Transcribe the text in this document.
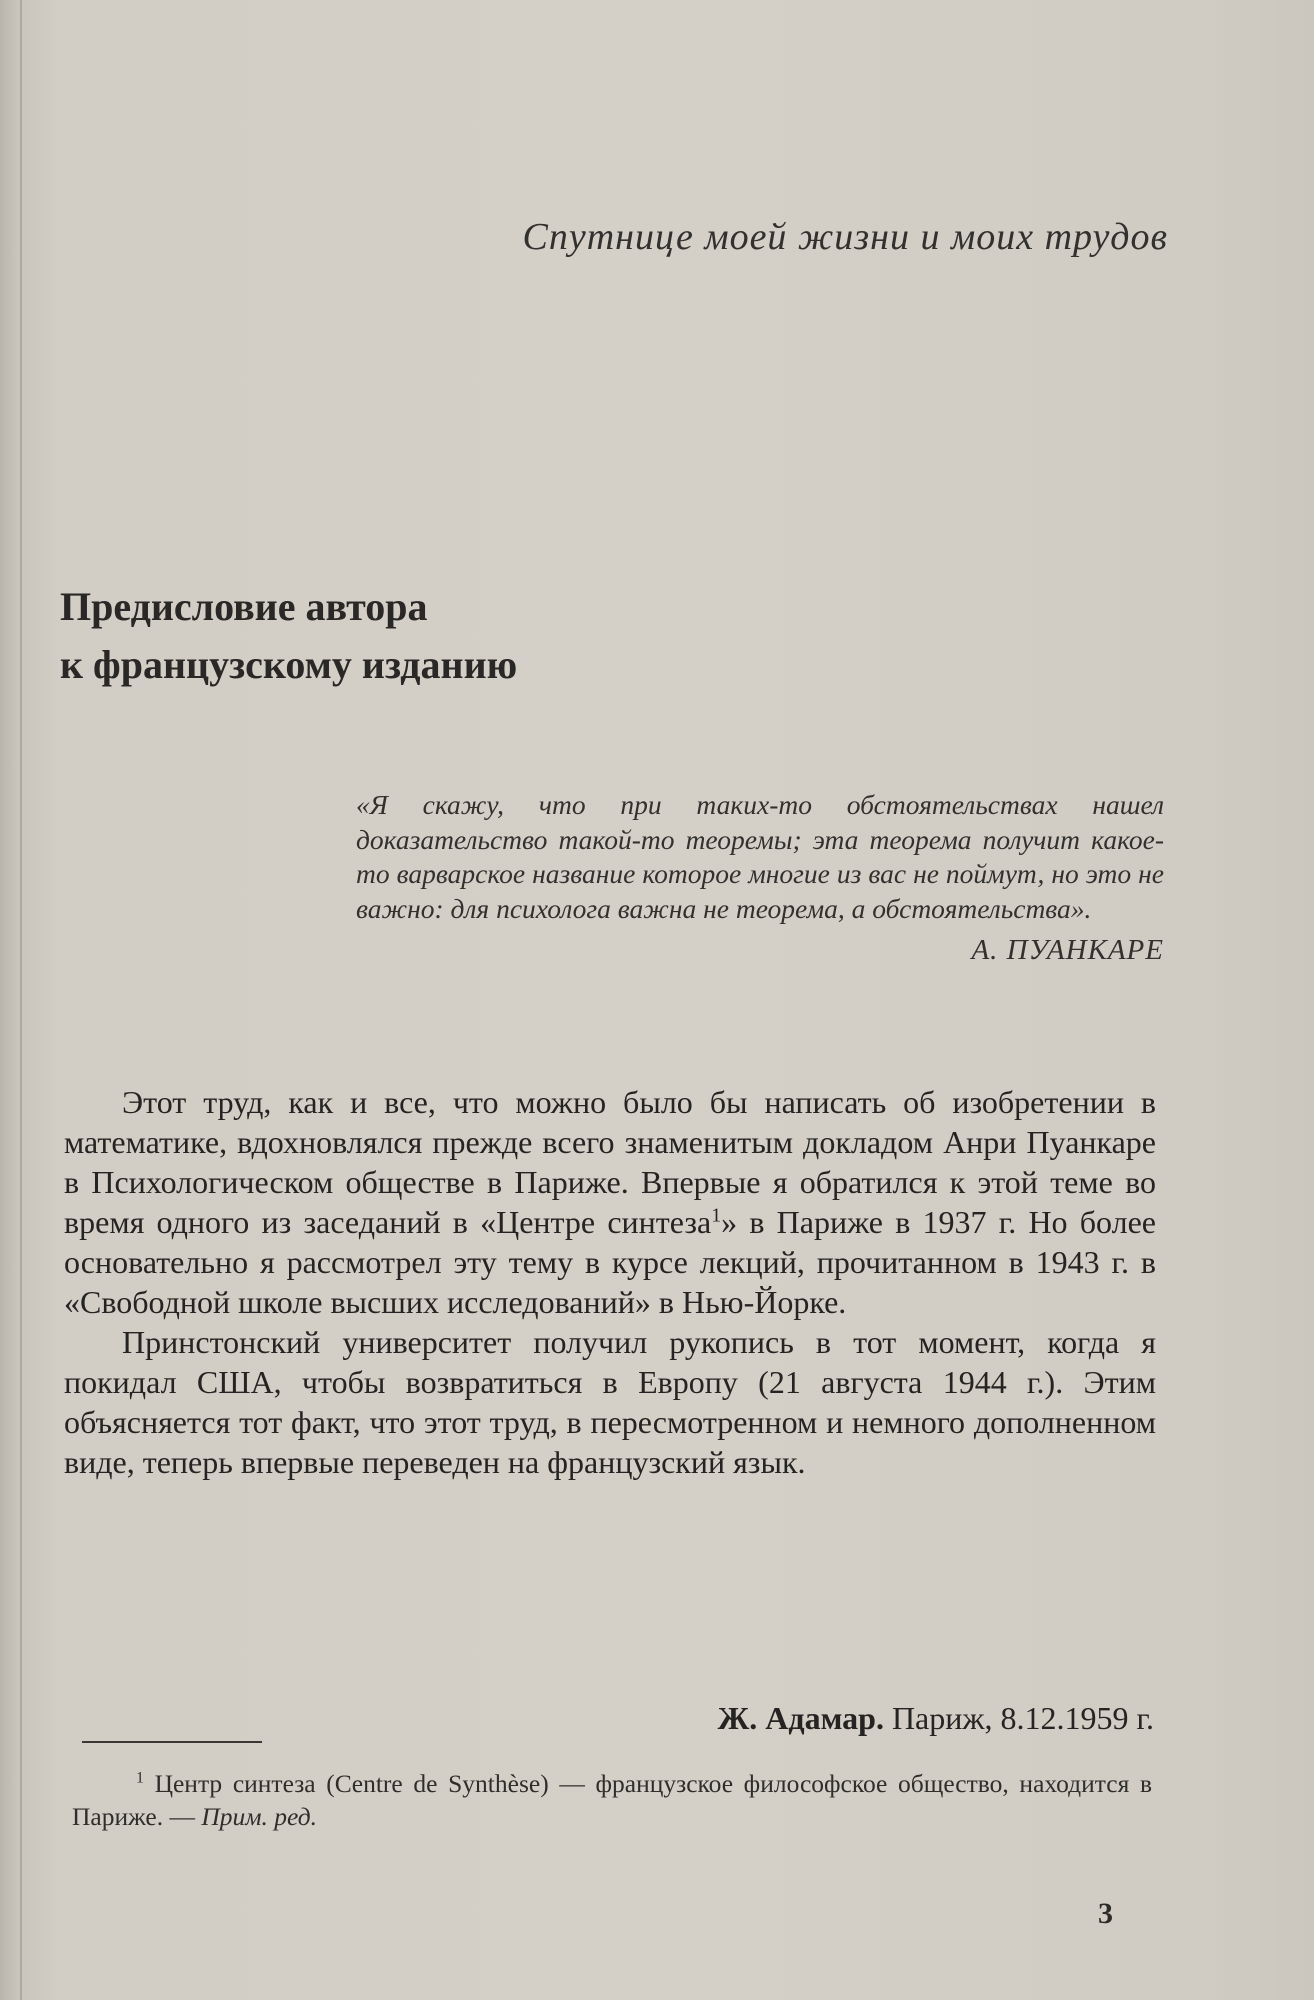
Спутнице моей жизни и моих трудов
Предисловие автора
к французскому изданию
«Я скажу, что при таких-то обстоятельствах нашел доказательство такой-то теоремы; эта теорема получит какое-то варварское название которое многие из вас не поймут, но это не важно: для психолога важна не теорема, а обстоятельства».
А. ПУАНКАРЕ

Этот труд, как и все, что можно было бы написать об изобретении в математике, вдохновлялся прежде всего знаменитым докладом Анри Пуанкаре в Психологическом обществе в Париже. Впервые я обратился к этой теме во время одного из заседаний в «Центре синтеза$^1$» в Париже в 1937 г. Но более основательно я рассмотрел эту тему в курсе лекций, прочитанном в 1943 г. в «Свободной школе высших исследований» в Нью-Йорке.

Принстонский университет получил рукопись в тот момент, когда я покидал США, чтобы возвратиться в Европу (21 августа 1944 г.). Этим объясняется тот факт, что этот труд, в пересмотренном и немного дополненном виде, теперь впервые переведен на французский язык.

Ж. Адамар. Париж, 8.12.1959 г.
$^1$ Центр синтеза (Centre de Synthèse) — французское философское общество, находится в Париже. — Прим. ред.
3
